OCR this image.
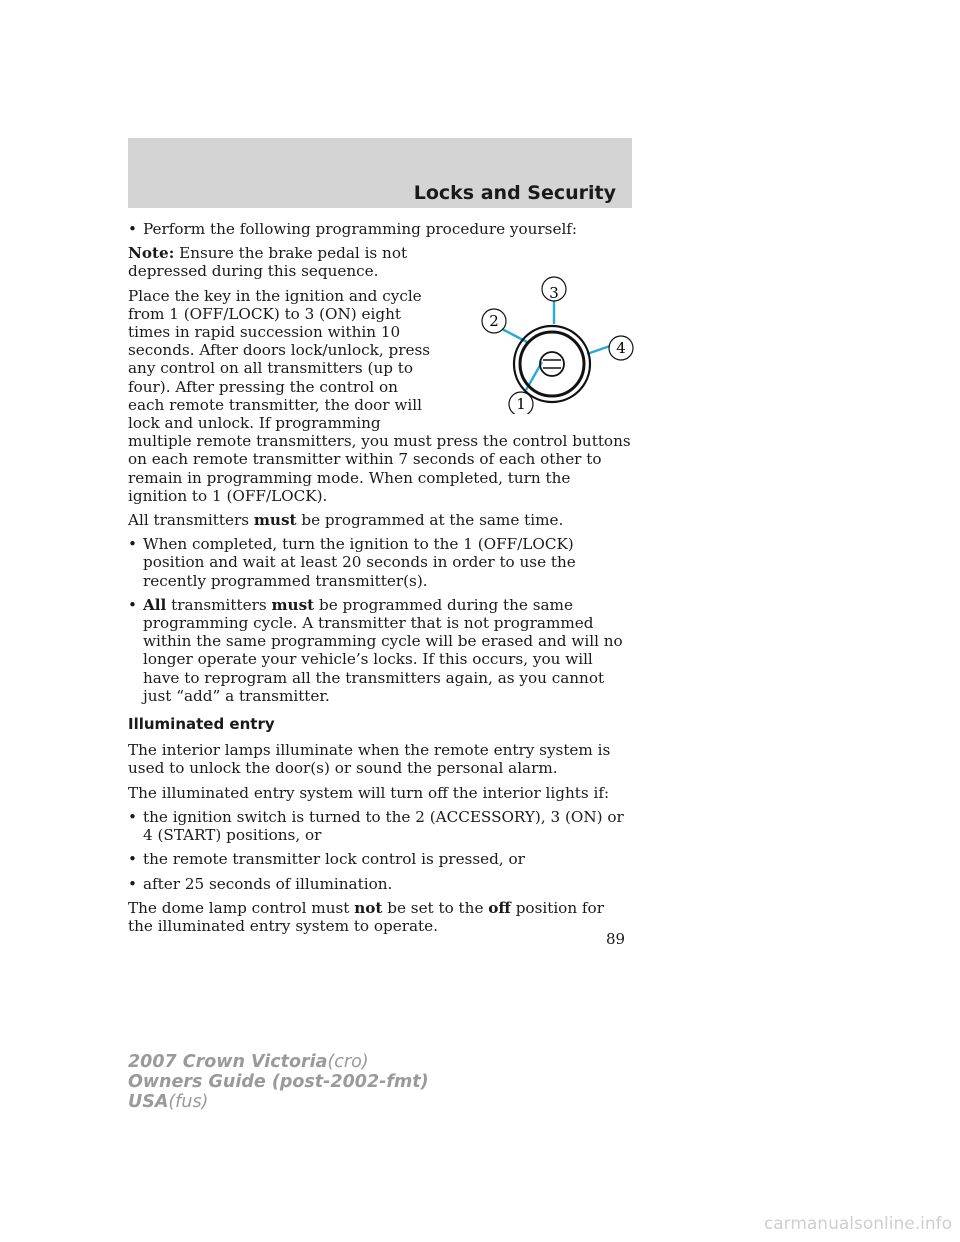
Locks and Security
• Perform the following programming procedure yourself:
3
2
4
1

Note: Ensure the brake pedal is not depressed during this sequence.

Place the key in the ignition and cycle from 1 (OFF/LOCK) to 3 (ON) eight times in rapid succession within 10 seconds. After doors lock/unlock, press any control on all transmitters (up to four). After pressing the control on each remote transmitter, the door will lock and unlock. If programming multiple remote transmitters, you must press the control buttons on each remote transmitter within 7 seconds of each other to remain in programming mode. When completed, turn the ignition to 1 (OFF/LOCK).

All transmitters must be programmed at the same time.

• When completed, turn the ignition to the 1 (OFF/LOCK) position and wait at least 20 seconds in order to use the recently programmed transmitter(s).
• All transmitters must be programmed during the same programming cycle. A transmitter that is not programmed within the same programming cycle will be erased and will no longer operate your vehicle’s locks. If this occurs, you will have to reprogram all the transmitters again, as you cannot just “add” a transmitter.
Illuminated entry

The interior lamps illuminate when the remote entry system is used to unlock the door(s) or sound the personal alarm.

The illuminated entry system will turn off the interior lights if:

• the ignition switch is turned to the 2 (ACCESSORY), 3 (ON) or 4 (START) positions, or
• the remote transmitter lock control is pressed, or
• after 25 seconds of illumination.

The dome lamp control must not be set to the off position for the illuminated entry system to operate.

89
2007 Crown Victoria(cro)
Owners Guide (post-2002-fmt)
USA(fus)
carmanualsonline.info
